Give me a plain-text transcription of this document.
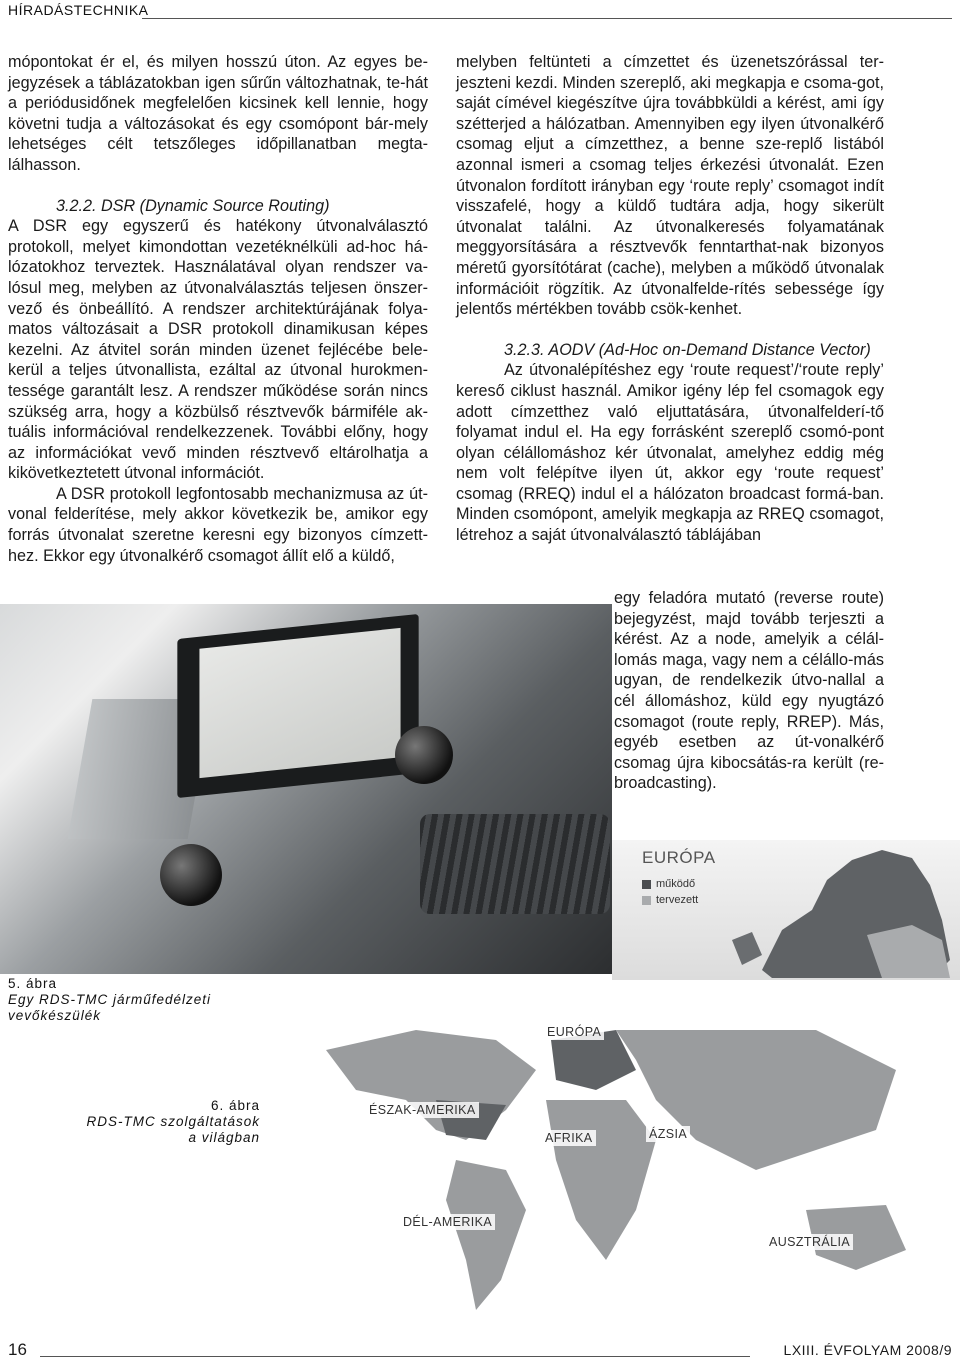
HÍRADÁSTECHNIKA

mópontokat ér el, és milyen hosszú úton. Az egyes be-jegyzések a táblázatokban igen sűrűn változhatnak, te-hát a periódusidőnek megfelelően kicsinek kell lennie, hogy követni tudja a változásokat és egy csomópont bár-mely lehetséges célt tetszőleges időpillanatban megta-lálhasson.

3.2.2. DSR (Dynamic Source Routing)

A DSR egy egyszerű és hatékony útvonalválasztó protokoll, melyet kimondottan vezetéknélküli ad-hoc há-lózatokhoz terveztek. Használatával olyan rendszer va-lósul meg, melyben az útvonalválasztás teljesen önszer-vező és önbeállító. A rendszer architektúrájának folya-matos változásait a DSR protokoll dinamikusan képes kezelni. Az átvitel során minden üzenet fejlécébe bele-kerül a teljes útvonallista, ezáltal az útvonal hurokmen-tessége garantált lesz. A rendszer működése során nincs szükség arra, hogy a közbülső résztvevők bármiféle ak-tuális információval rendelkezzenek. További előny, hogy az információkat vevő minden résztvevő eltárolhatja a kikövetkeztetett útvonal információt.

A DSR protokoll legfontosabb mechanizmusa az út-vonal felderítése, mely akkor következik be, amikor egy forrás útvonalat szeretne keresni egy bizonyos címzett-hez. Ekkor egy útvonalkérő csomagot állít elő a küldő,

melyben feltünteti a címzettet és üzenetszórással ter-jeszteni kezdi. Minden szereplő, aki megkapja e csoma-got, saját címével kiegészítve újra továbbküldi a kérést, ami így szétterjed a hálózatban. Amennyiben egy ilyen útvonalkérő csomag eljut a címzetthez, a benne sze-replő listából azonnal ismeri a csomag teljes érkezési útvonalát. Ezen útvonalon fordított irányban egy ‘route reply’ csomagot indít visszafelé, hogy a küldő tudtára adja, hogy sikerült útvonalat találni. Az útvonalkeresés folyamatának meggyorsítására a résztvevők fenntarthat-nak bizonyos méretű gyorsítótárat (cache), melyben a működő útvonalak információit rögzítik. Az útvonalfelde-rítés sebessége így jelentős mértékben tovább csök-kenhet.

3.2.3. AODV (Ad-Hoc on-Demand Distance Vector)

Az útvonalépítéshez egy ‘route request’/‘route reply’ kereső ciklust használ. Amikor igény lép fel csomagok egy adott címzetthez való eljuttatására, útvonalfelderí-tő folyamat indul el. Ha egy forrásként szereplő csomó-pont olyan célállomáshoz kér útvonalat, amelyhez eddig még nem volt felépítve ilyen út, akkor egy ‘route request’ csomag (RREQ) indul el a hálózaton broadcast formá-ban. Minden csomópont, amelyik megkapja az RREQ csomagot, létrehoz a saját útvonalválasztó táblájában

egy feladóra mutató (reverse route) bejegyzést, majd tovább terjeszti a kérést. Az a node, amelyik a célál-lomás maga, vagy nem a célállo-más ugyan, de rendelkezik útvo-nallal a cél állomáshoz, küld egy nyugtázó csomagot (route reply, RREP). Más, egyéb esetben az út-vonalkérő csomag újra kibocsátás-ra került (re-broadcasting).

EURÓPA
működő
tervezett
EURÓPA
ÉSZAK-AMERIKA
AFRIKA	ÁZSIA
DÉL-AMERIKA
AUSZTRÁLIA
5. ábra
Egy RDS-TMC járműfedélzeti vevőkészülék
6. ábra
RDS-TMC szolgáltatások
a világban
16	LXIII. ÉVFOLYAM 2008/9
